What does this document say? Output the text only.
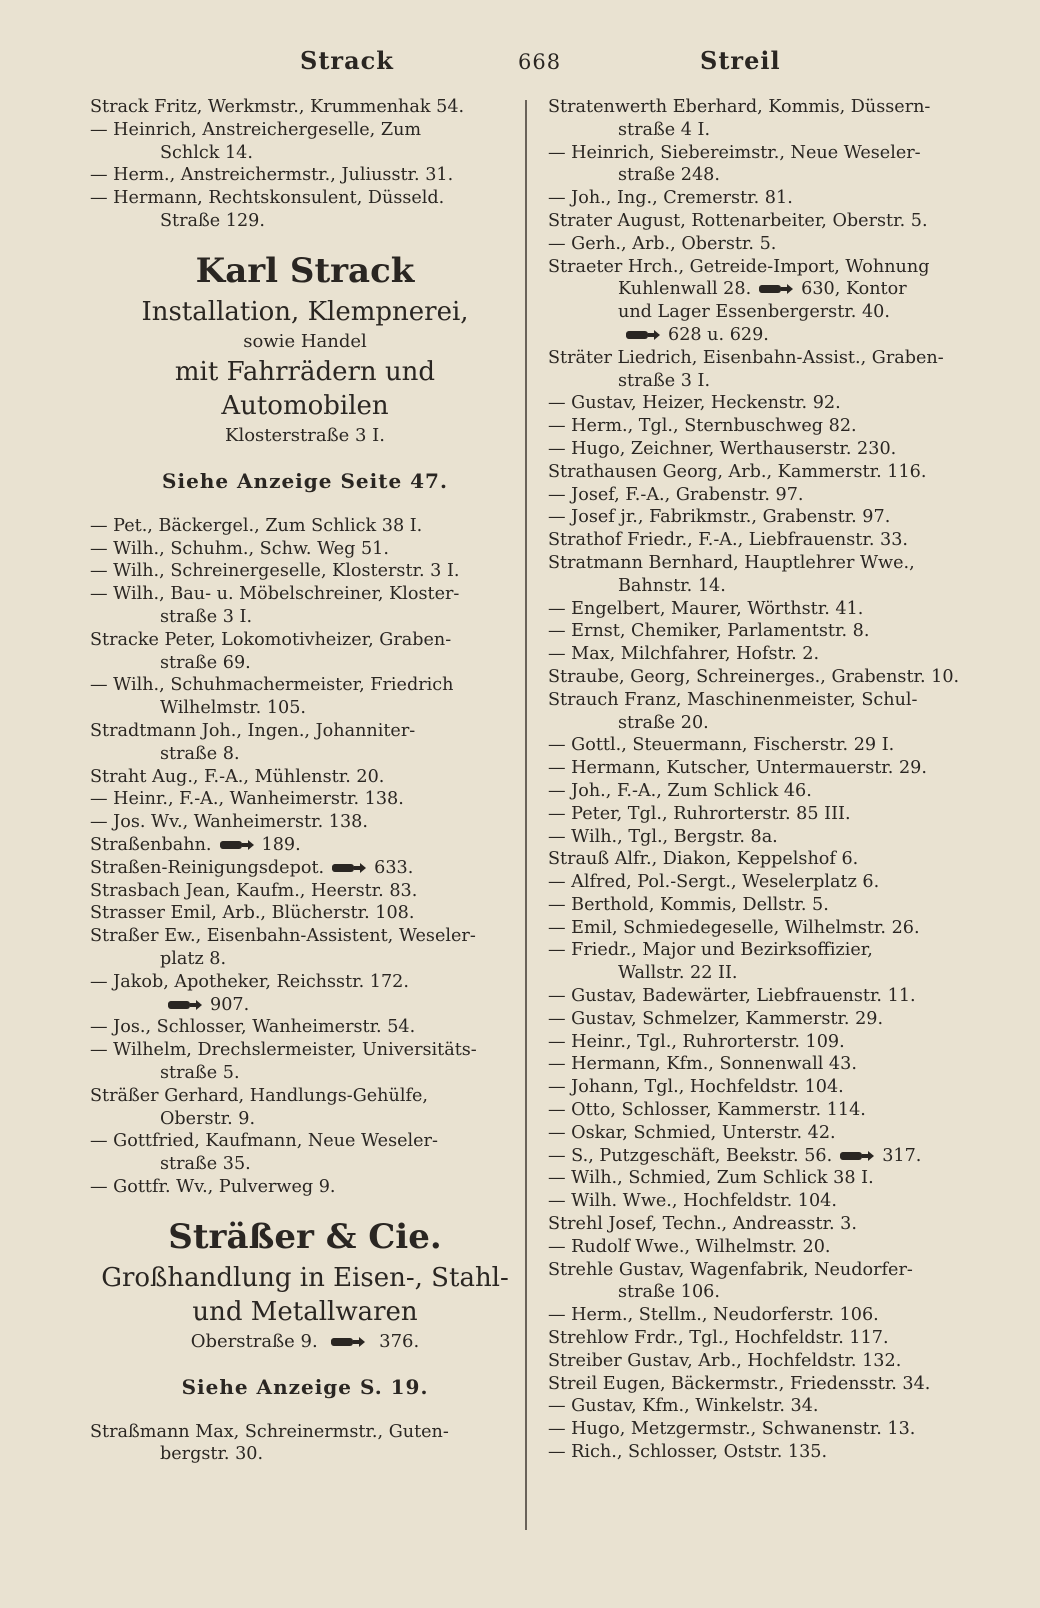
Strack	668	Streil
Strack Fritz, Werkmstr., Krummenhak 54.
— Heinrich, Anstreichergeselle, Zum
Schlck 14.
— Herm., Anstreichermstr., Juliusstr. 31.
— Hermann, Rechtskonsulent, Düsseld.
Straße 129.
Karl Strack
Installation, Klempnerei,
sowie Handel
mit Fahrrädern und Automobilen
Klosterstraße 3 I.
Siehe Anzeige Seite 47.
— Pet., Bäckergel., Zum Schlick 38 I.
— Wilh., Schuhm., Schw. Weg 51.
— Wilh., Schreinergeselle, Klosterstr. 3 I.
— Wilh., Bau- u. Möbelschreiner, Kloster-
straße 3 I.
Stracke Peter, Lokomotivheizer, Graben-
straße 69.
— Wilh., Schuhmachermeister, Friedrich
Wilhelmstr. 105.
Stradtmann Joh., Ingen., Johanniter-
straße 8.
Straht Aug., F.-A., Mühlenstr. 20.
— Heinr., F.-A., Wanheimerstr. 138.
— Jos. Wv., Wanheimerstr. 138.
Straßenbahn.	189.
Straßen-Reinigungsdepot.	633.
Strasbach Jean, Kaufm., Heerstr. 83.
Strasser Emil, Arb., Blücherstr. 108.
Straßer Ew., Eisenbahn-Assistent, Weseler-
platz 8.
— Jakob, Apotheker, Reichsstr. 172.
907.
— Jos., Schlosser, Wanheimerstr. 54.
— Wilhelm, Drechslermeister, Universitäts-
straße 5.
Sträßer Gerhard, Handlungs-Gehülfe,
Oberstr. 9.
— Gottfried, Kaufmann, Neue Weseler-
straße 35.
— Gottfr. Wv., Pulverweg 9.
Sträßer & Cie.
Großhandlung in Eisen-, Stahl-
und Metallwaren
Oberstraße 9.	376.
Siehe Anzeige S. 19.
Straßmann Max, Schreinermstr., Guten-
bergstr. 30.
Stratenwerth Eberhard, Kommis, Düssern-
straße 4 I.
— Heinrich, Siebereimstr., Neue Weseler-
straße 248.
— Joh., Ing., Cremerstr. 81.
Strater August, Rottenarbeiter, Oberstr. 5.
— Gerh., Arb., Oberstr. 5.
Straeter Hrch., Getreide-Import, Wohnung
Kuhlenwall 28.	630, Kontor
und Lager Essenbergerstr. 40.
628 u. 629.
Sträter Liedrich, Eisenbahn-Assist., Graben-
straße 3 I.
— Gustav, Heizer, Heckenstr. 92.
— Herm., Tgl., Sternbuschweg 82.
— Hugo, Zeichner, Werthauserstr. 230.
Strathausen Georg, Arb., Kammerstr. 116.
— Josef, F.-A., Grabenstr. 97.
— Josef jr., Fabrikmstr., Grabenstr. 97.
Strathof Friedr., F.-A., Liebfrauenstr. 33.
Stratmann Bernhard, Hauptlehrer Wwe.,
Bahnstr. 14.
— Engelbert, Maurer, Wörthstr. 41.
— Ernst, Chemiker, Parlamentstr. 8.
— Max, Milchfahrer, Hofstr. 2.
Straube, Georg, Schreinerges., Grabenstr. 10.
Strauch Franz, Maschinenmeister, Schul-
straße 20.
— Gottl., Steuermann, Fischerstr. 29 I.
— Hermann, Kutscher, Untermauerstr. 29.
— Joh., F.-A., Zum Schlick 46.
— Peter, Tgl., Ruhrorterstr. 85 III.
— Wilh., Tgl., Bergstr. 8a.
Strauß Alfr., Diakon, Keppelshof 6.
— Alfred, Pol.-Sergt., Weselerplatz 6.
— Berthold, Kommis, Dellstr. 5.
— Emil, Schmiedegeselle, Wilhelmstr. 26.
— Friedr., Major und Bezirksoffizier,
Wallstr. 22 II.
— Gustav, Badewärter, Liebfrauenstr. 11.
— Gustav, Schmelzer, Kammerstr. 29.
— Heinr., Tgl., Ruhrorterstr. 109.
— Hermann, Kfm., Sonnenwall 43.
— Johann, Tgl., Hochfeldstr. 104.
— Otto, Schlosser, Kammerstr. 114.
— Oskar, Schmied, Unterstr. 42.
— S., Putzgeschäft, Beekstr. 56.	317.
— Wilh., Schmied, Zum Schlick 38 I.
— Wilh. Wwe., Hochfeldstr. 104.
Strehl Josef, Techn., Andreasstr. 3.
— Rudolf Wwe., Wilhelmstr. 20.
Strehle Gustav, Wagenfabrik, Neudorfer-
straße 106.
— Herm., Stellm., Neudorferstr. 106.
Strehlow Frdr., Tgl., Hochfeldstr. 117.
Streiber Gustav, Arb., Hochfeldstr. 132.
Streil Eugen, Bäckermstr., Friedensstr. 34.
— Gustav, Kfm., Winkelstr. 34.
— Hugo, Metzgermstr., Schwanenstr. 13.
— Rich., Schlosser, Oststr. 135.
